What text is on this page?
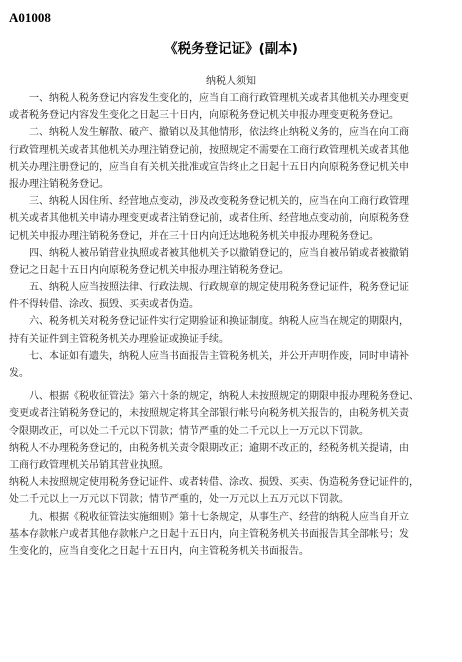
A01008
《税务登记证》(副本)
纳税人须知
一、纳税人税务登记内容发生变化的，应当自工商行政管理机关或者其他机关办理变更
或者税务登记内容发生变化之日起三十日内，向原税务登记机关申报办理变更税务登记。
二、纳税人发生解散、破产、撤销以及其他情形，依法终止纳税义务的，应当在向工商
行政管理机关或者其他机关办理注销登记前，按照规定不需要在工商行政管理机关或者其他
机关办理注册登记的，应当自有关机关批准或宣告终止之日起十五日内向原税务登记机关申
报办理注销税务登记。
三、纳税人因住所、经营地点变动，涉及改变税务登记机关的，应当在向工商行政管理
机关或者其他机关申请办理变更或者注销登记前，或者住所、经营地点变动前，向原税务登
记机关申报办理注销税务登记，并在三十日内向迁达地税务机关申报办理税务登记。
四、纳税人被吊销营业执照或者被其他机关予以撤销登记的，应当自被吊销或者被撤销
登记之日起十五日内向原税务登记机关申报办理注销税务登记。
五、纳税人应当按照法律、行政法规、行政规章的规定使用税务登记证件，税务登记证
件不得转借、涂改、损毁、买卖或者伪造。
六、税务机关对税务登记证件实行定期验证和换证制度。纳税人应当在规定的期限内，
持有关证件到主管税务机关办理验证或换证手续。
七、本证如有遗失，纳税人应当书面报告主管税务机关，并公开声明作废，同时申请补
发。
八、根据《税收征管法》第六十条的规定，纳税人未按照规定的期限申报办理税务登记、
变更或者注销税务登记的，未按照规定将其全部银行帐号向税务机关报告的，由税务机关责
令限期改正，可以处二千元以下罚款；情节严重的处二千元以上一万元以下罚款。
纳税人不办理税务登记的，由税务机关责令限期改正；逾期不改正的，经税务机关提请，由
工商行政管理机关吊销其营业执照。
纳税人未按照规定使用税务登记证件、或者转借、涂改、损毁、买卖、伪造税务登记证件的，
处二千元以上一万元以下罚款；情节严重的，处一万元以上五万元以下罚款。
九、根据《税收征管法实施细则》第十七条规定，从事生产、经营的纳税人应当自开立
基本存款帐户或者其他存款帐户之日起十五日内，向主管税务机关书面报告其全部帐号；发
生变化的，应当自变化之日起十五日内，向主管税务机关书面报告。
